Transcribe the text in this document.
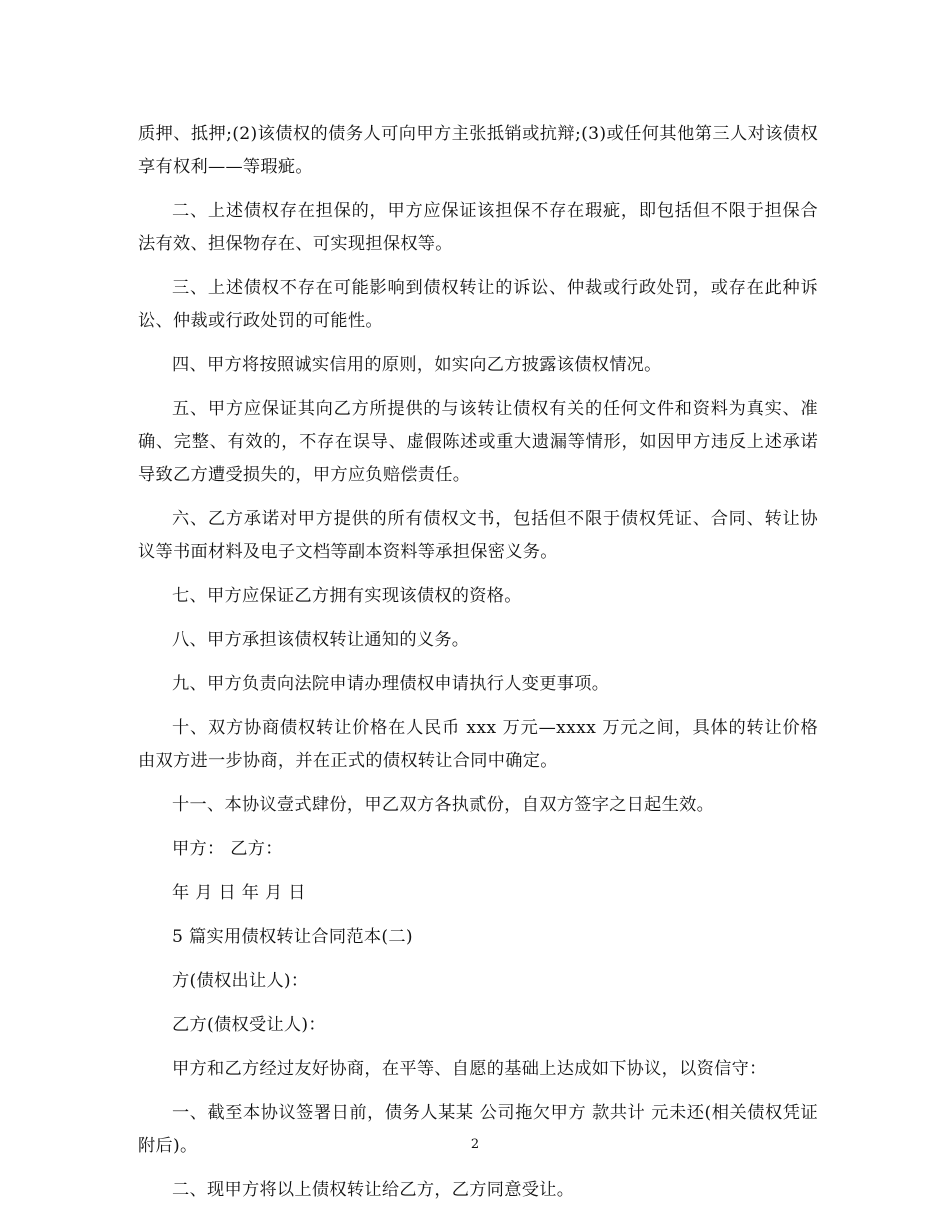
质押、抵押;(2)该债权的债务人可向甲方主张抵销或抗辩;(3)或任何其他第三人对该债权享有权利——等瑕疵。

二、上述债权存在担保的，甲方应保证该担保不存在瑕疵，即包括但不限于担保合法有效、担保物存在、可实现担保权等。

三、上述债权不存在可能影响到债权转让的诉讼、仲裁或行政处罚，或存在此种诉讼、仲裁或行政处罚的可能性。

四、甲方将按照诚实信用的原则，如实向乙方披露该债权情况。

五、甲方应保证其向乙方所提供的与该转让债权有关的任何文件和资料为真实、准确、完整、有效的，不存在误导、虚假陈述或重大遗漏等情形，如因甲方违反上述承诺导致乙方遭受损失的，甲方应负赔偿责任。

六、乙方承诺对甲方提供的所有债权文书，包括但不限于债权凭证、合同、转让协议等书面材料及电子文档等副本资料等承担保密义务。

七、甲方应保证乙方拥有实现该债权的资格。

八、甲方承担该债权转让通知的义务。

九、甲方负责向法院申请办理债权申请执行人变更事项。

十、双方协商债权转让价格在人民币 xxx 万元—xxxx 万元之间，具体的转让价格由双方进一步协商，并在正式的债权转让合同中确定。

十一、本协议壹式肆份，甲乙双方各执贰份，自双方签字之日起生效。

甲方： 乙方：

年 月 日 年 月 日

5 篇实用债权转让合同范本(二)

方(债权出让人)：

乙方(债权受让人)：

甲方和乙方经过友好协商，在平等、自愿的基础上达成如下协议，以资信守：

一、截至本协议签署日前，债务人某某 公司拖欠甲方 款共计 元未还(相关债权凭证附后)。

二、现甲方将以上债权转让给乙方，乙方同意受让。

2
